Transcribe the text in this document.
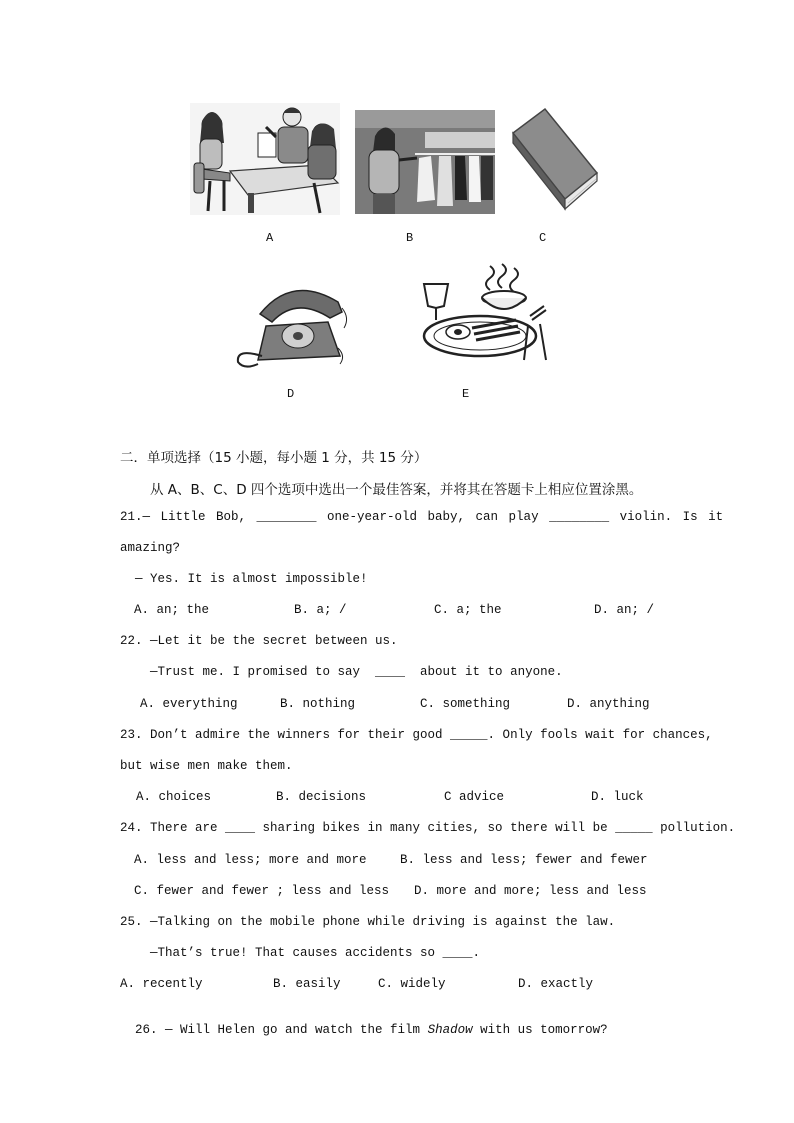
A	B	C
D	E
二．单项选择（15 小题，每小题 1 分，共 15 分）
从 A、B、C、D 四个选项中选出一个最佳答案，并将其在答题卡上相应位置涂黑。
21.— Little Bob, ________ one-year-old baby, can play ________ violin. Is it
amazing?
— Yes. It is almost impossible!
A. an; the	B. a; /	C. a; the	D. an; /
22. —Let it be the secret between us.
—Trust me. I promised to say  ____  about it to anyone.
A. everything	B. nothing	C. something	D. anything
23. Don’t admire the winners for their good _____. Only fools wait for chances,
but wise men make them.
A. choices	B. decisions	C advice	D. luck
24. There are ____ sharing bikes in many cities, so there will be _____ pollution.
A. less and less; more and more	B. less and less; fewer and fewer
C. fewer and fewer ; less and less D. more and more; less and less
25. —Talking on the mobile phone while driving is against the law.
—That’s true! That causes accidents so ____.
A. recently	B. easily	C. widely	D. exactly

26. — Will Helen go and watch the film Shadow with us tomorrow?
